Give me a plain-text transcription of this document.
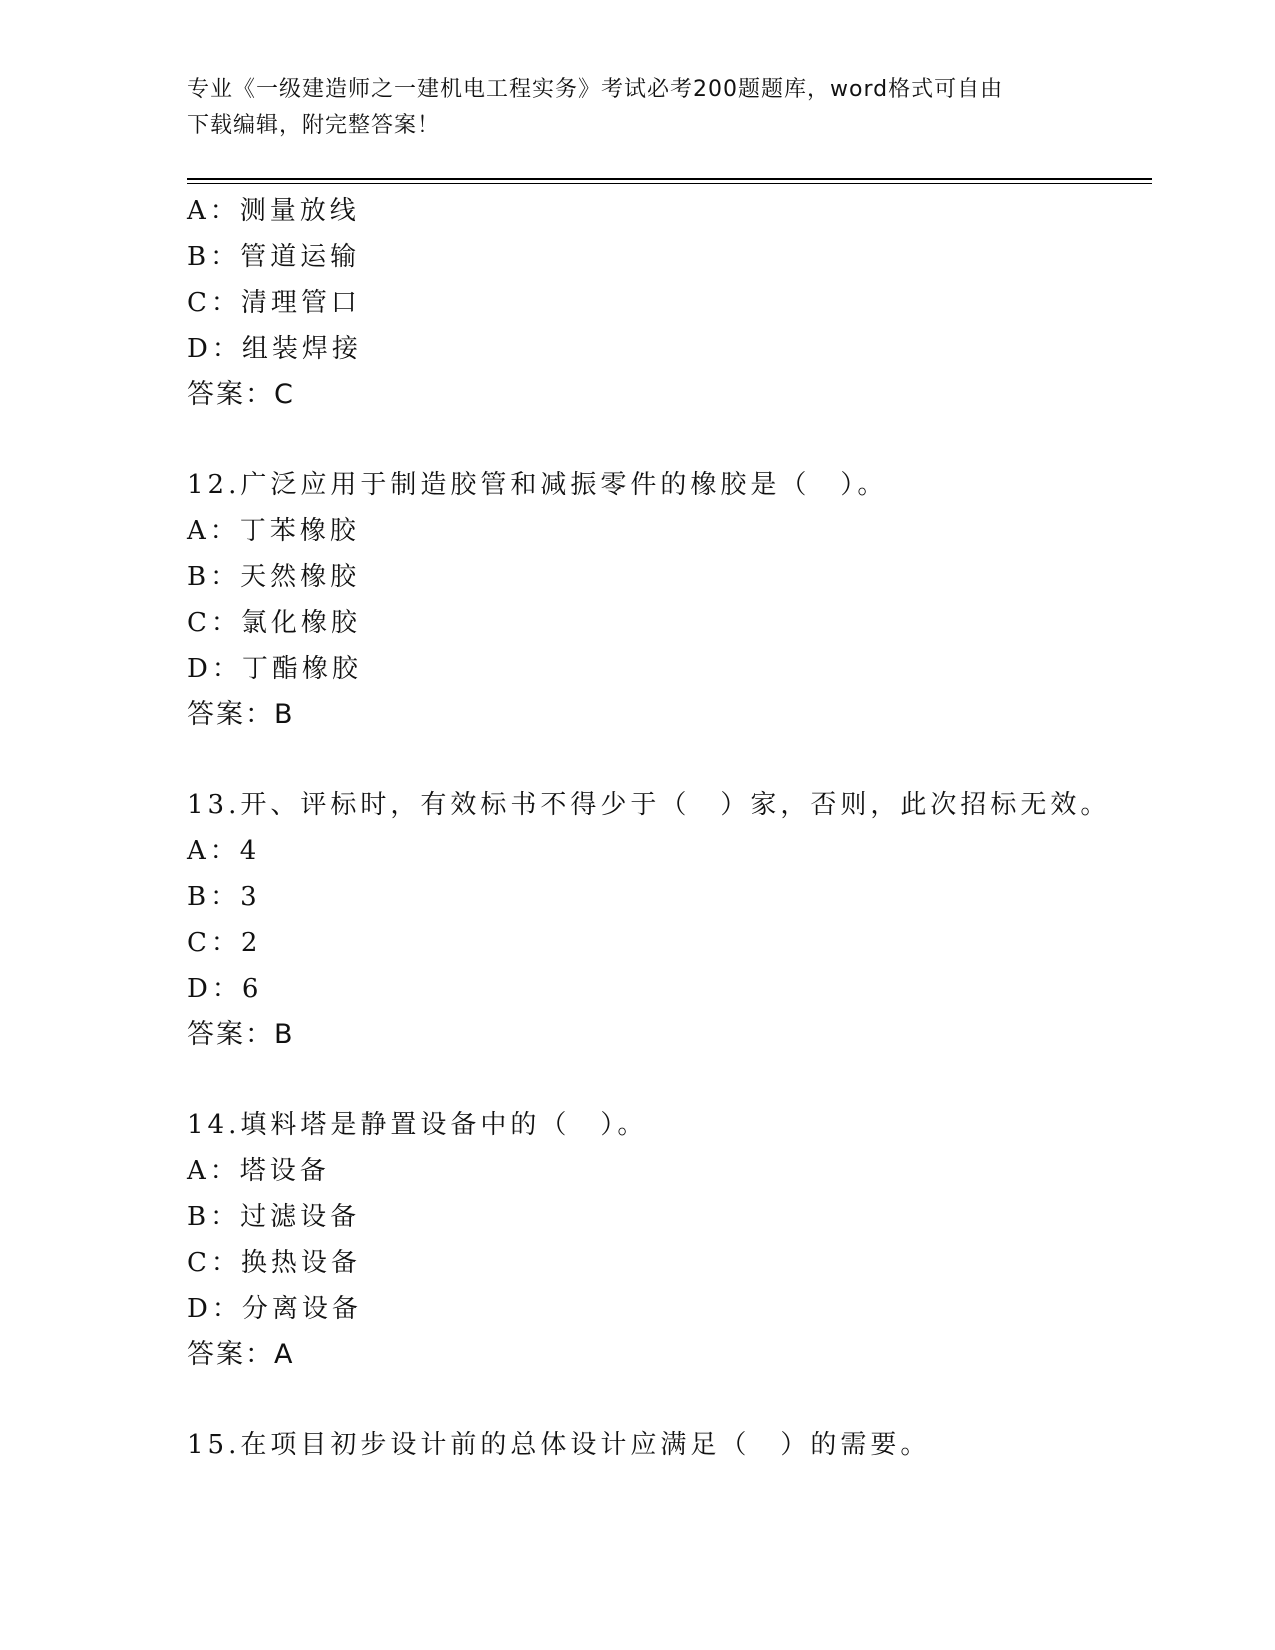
专业《一级建造师之一建机电工程实务》考试必考200题题库，word格式可自由
下载编辑，附完整答案！
A：测量放线
B：管道运输
C：清理管口
D：组装焊接
答案：C
12.广泛应用于制造胶管和减振零件的橡胶是（　）。
A：丁苯橡胶
B：天然橡胶
C：氯化橡胶
D：丁酯橡胶
答案：B
13.开、评标时，有效标书不得少于（　）家，否则，此次招标无效。
A：4
B：3
C：2
D：6
答案：B
14.填料塔是静置设备中的（　）。
A：塔设备
B：过滤设备
C：换热设备
D：分离设备
答案：A
15.在项目初步设计前的总体设计应满足（　）的需要。
